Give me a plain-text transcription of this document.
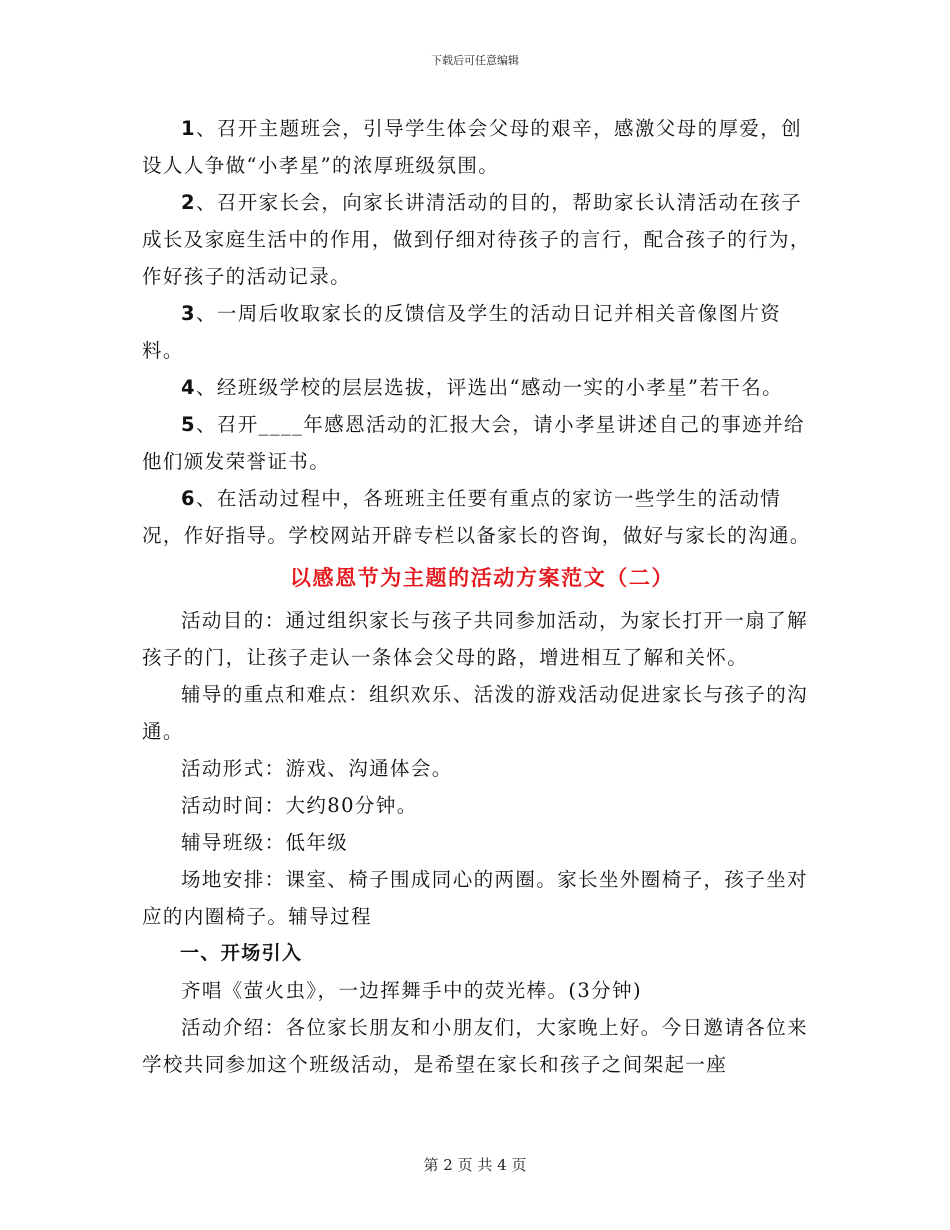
下载后可任意编辑

1、召开主题班会，引导学生体会父母的艰辛，感激父母的厚爱，创设人人争做“小孝星”的浓厚班级氛围。

2、召开家长会，向家长讲清活动的目的，帮助家长认清活动在孩子成长及家庭生活中的作用，做到仔细对待孩子的言行，配合孩子的行为，作好孩子的活动记录。

3、一周后收取家长的反馈信及学生的活动日记并相关音像图片资料。

4、经班级学校的层层选拔，评选出“感动一实的小孝星”若干名。

5、召开____年感恩活动的汇报大会，请小孝星讲述自己的事迹并给他们颁发荣誉证书。

6、在活动过程中，各班班主任要有重点的家访一些学生的活动情况，作好指导。学校网站开辟专栏以备家长的咨询，做好与家长的沟通。

以感恩节为主题的活动方案范文（二）

活动目的：通过组织家长与孩子共同参加活动，为家长打开一扇了解孩子的门，让孩子走认一条体会父母的路，增进相互了解和关怀。

辅导的重点和难点：组织欢乐、活泼的游戏活动促进家长与孩子的沟通。

活动形式：游戏、沟通体会。

活动时间：大约80分钟。

辅导班级：低年级

场地安排：课室、椅子围成同心的两圈。家长坐外圈椅子，孩子坐对应的内圈椅子。辅导过程

一、开场引入

齐唱《萤火虫》，一边挥舞手中的荧光棒。(3分钟)

活动介绍：各位家长朋友和小朋友们，大家晚上好。今日邀请各位来学校共同参加这个班级活动，是希望在家长和孩子之间架起一座

第 2 页 共 4 页
